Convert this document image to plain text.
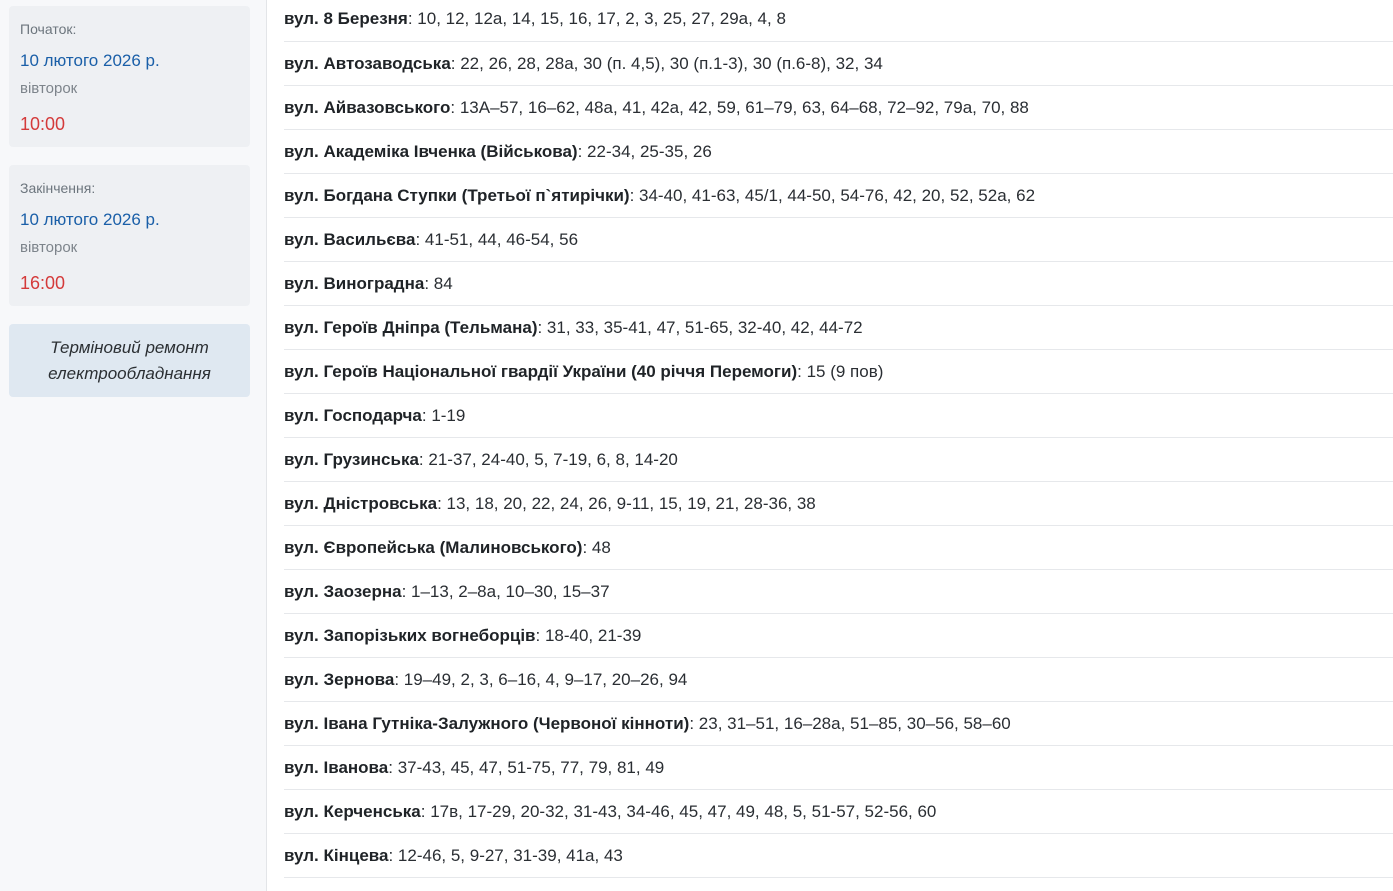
Початок:
10 лютого 2026 р.
вівторок
10:00
Закінчення:
10 лютого 2026 р.
вівторок
16:00
Терміновий ремонт електрообладнання
вул. 8 Березня : 10, 12, 12а, 14, 15, 16, 17, 2, 3, 25, 27, 29а, 4, 8
вул. Автозаводська : 22, 26, 28, 28а, 30 (п. 4,5), 30 (п.1-3), 30 (п.6-8), 32, 34
вул. Айвазовського : 13А–57, 16–62, 48а, 41, 42а, 42, 59, 61–79, 63, 64–68, 72–92, 79а, 70, 88
вул. Академіка Івченка (Військова) : 22-34, 25-35, 26
вул. Богдана Ступки (Третьої п`ятирічки) : 34-40, 41-63, 45/1, 44-50, 54-76, 42, 20, 52, 52а, 62
вул. Васильєва : 41-51, 44, 46-54, 56
вул. Виноградна : 84
вул. Героїв Дніпра (Тельмана) : 31, 33, 35-41, 47, 51-65, 32-40, 42, 44-72
вул. Героїв Національної гвардії України (40 річчя Перемоги) : 15 (9 пов)
вул. Господарча : 1-19
вул. Грузинська : 21-37, 24-40, 5, 7-19, 6, 8, 14-20
вул. Дністровська : 13, 18, 20, 22, 24, 26, 9-11, 15, 19, 21, 28-36, 38
вул. Європейська (Малиновського) : 48
вул. Заозерна : 1–13, 2–8а, 10–30, 15–37
вул. Запорізьких вогнеборців : 18-40, 21-39
вул. Зернова : 19–49, 2, 3, 6–16, 4, 9–17, 20–26, 94
вул. Івана Гутніка-Залужного (Червоної кінноти) : 23, 31–51, 16–28а, 51–85, 30–56, 58–60
вул. Іванова : 37-43, 45, 47, 51-75, 77, 79, 81, 49
вул. Керченська : 17в, 17-29, 20-32, 31-43, 34-46, 45, 47, 49, 48, 5, 51-57, 52-56, 60
вул. Кінцева : 12-46, 5, 9-27, 31-39, 41а, 43
